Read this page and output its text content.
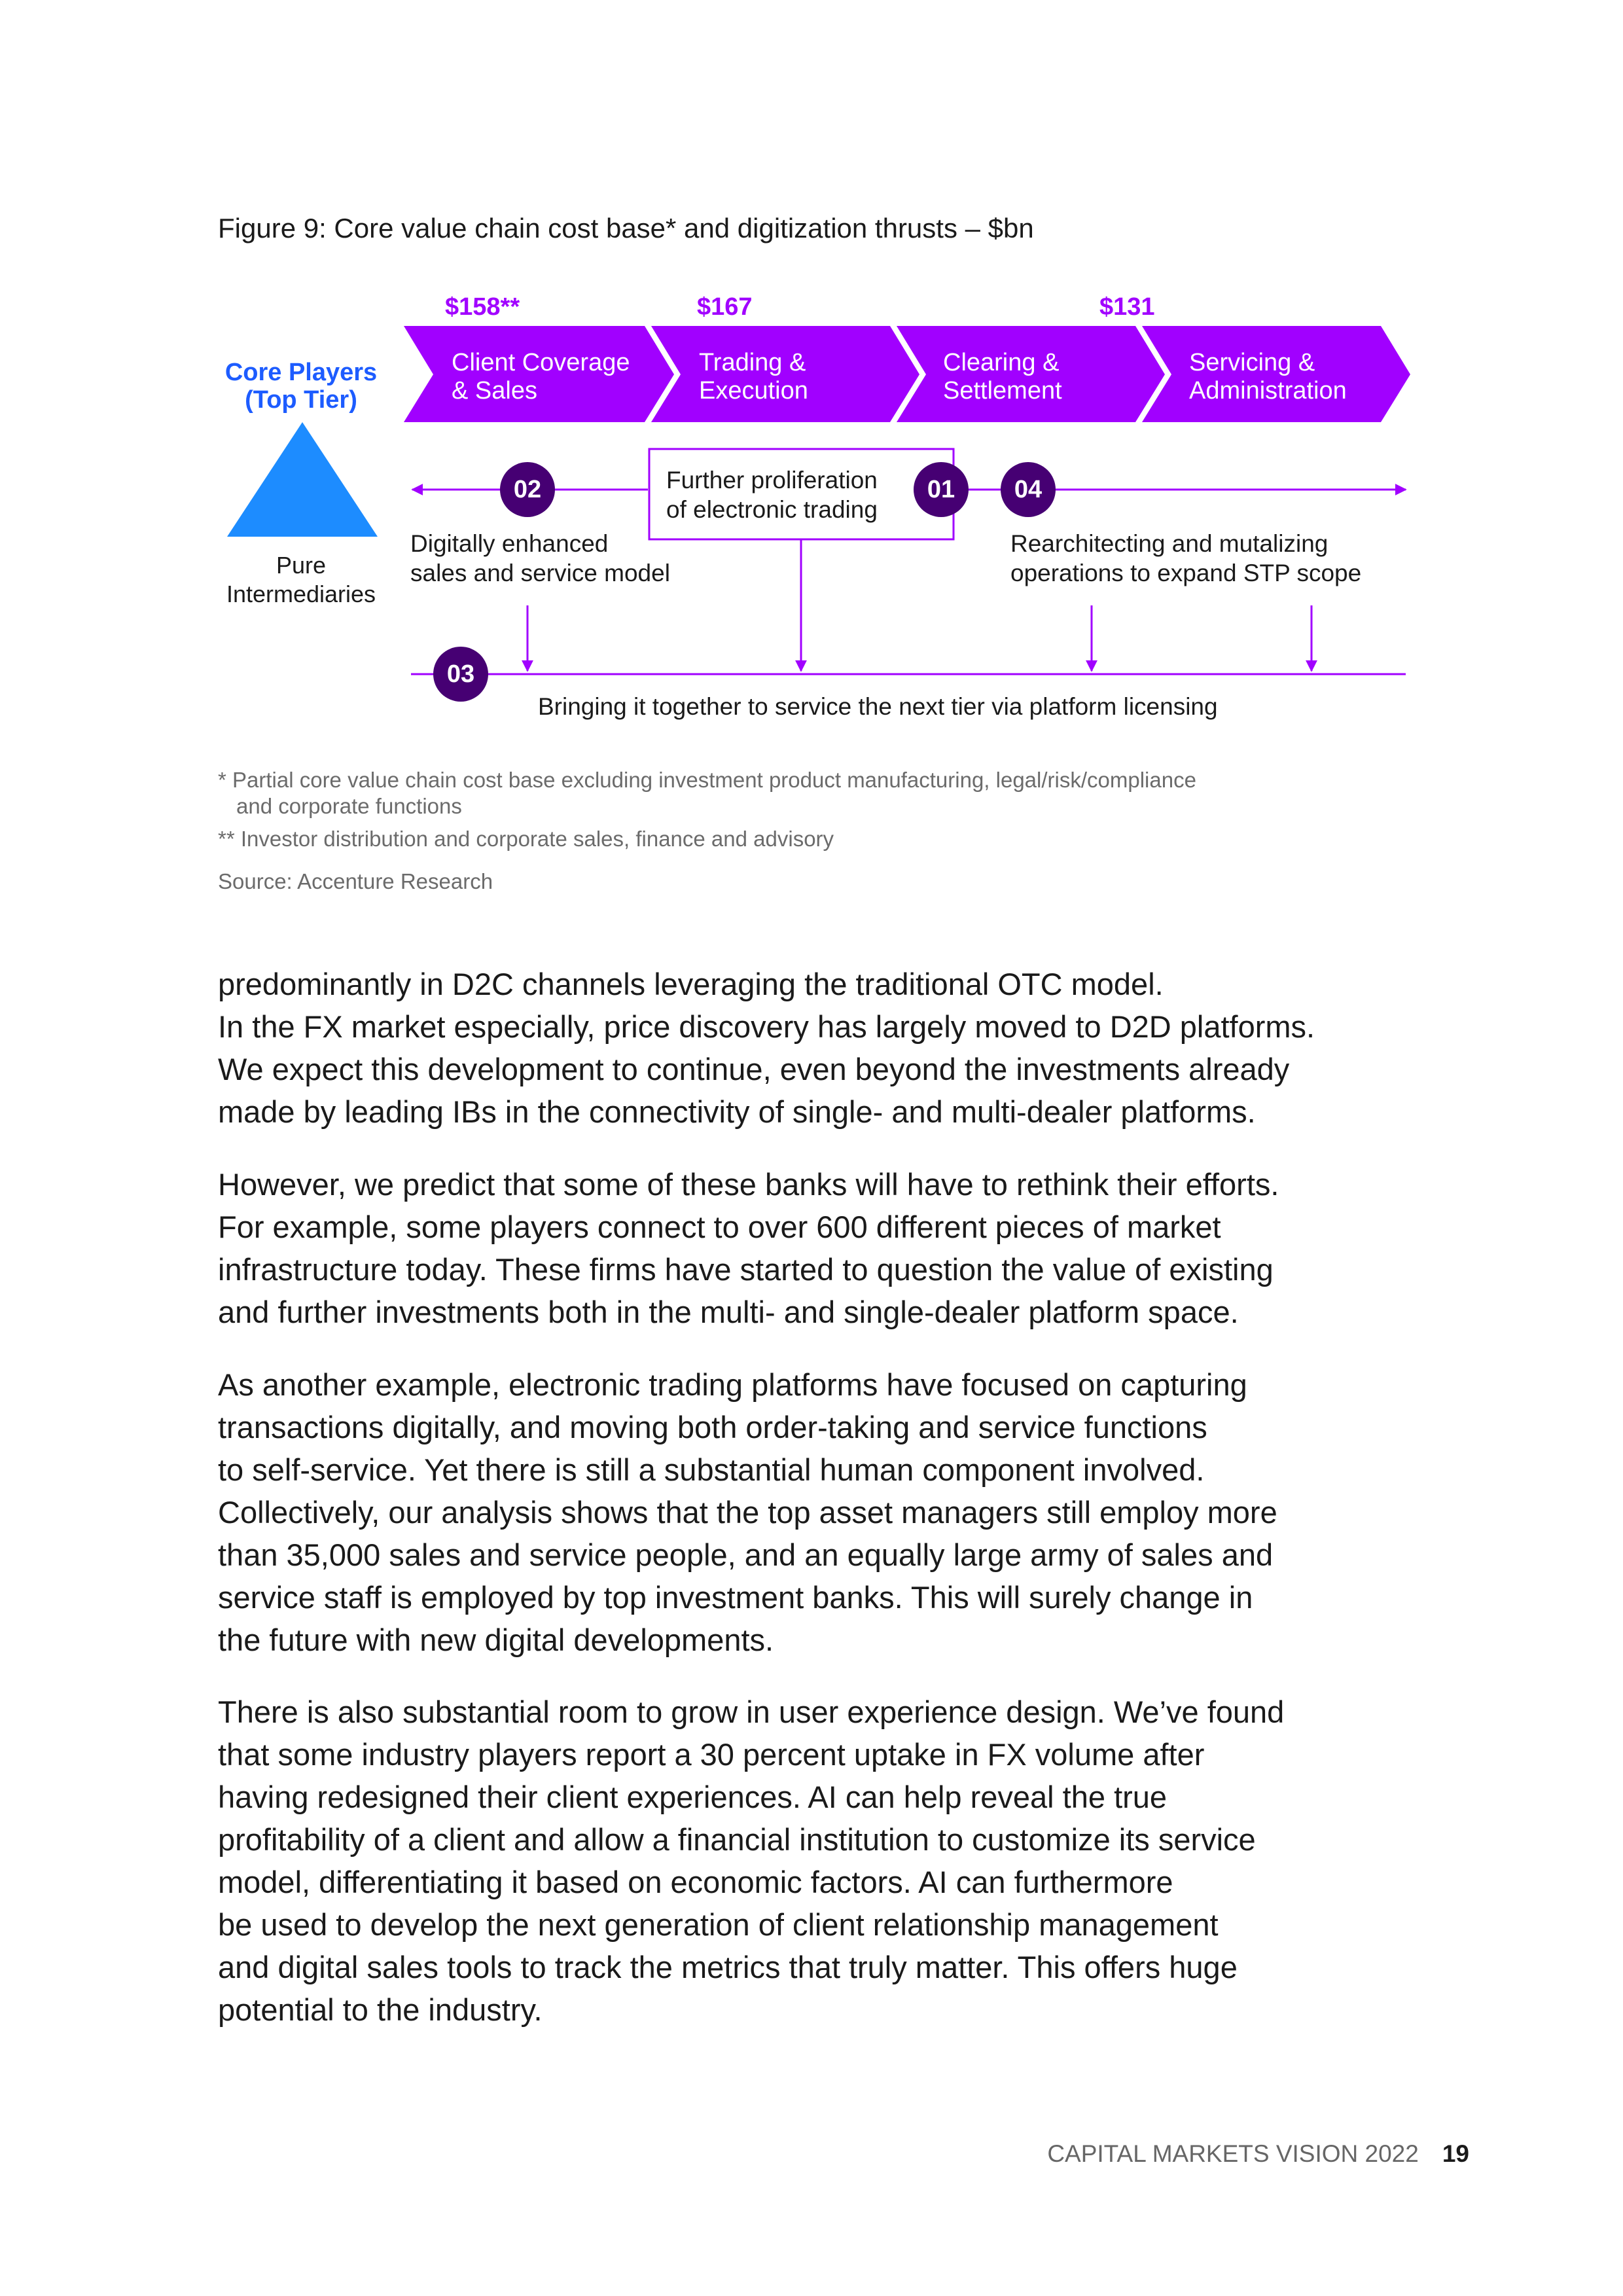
Figure 9: Core value chain cost base* and digitization thrusts – $bn
$158**	$167	$131
Client Coverage
& Sales
Trading &
Execution
Clearing &
Settlement
Servicing &
Administration
Core Players
(Top Tier)
Pure
Intermediaries
02	01	04
03
Further proliferation
of electronic trading
Digitally enhanced
sales and service model
Rearchitecting and mutalizing
operations to expand STP scope
Bringing it together to service the next tier via platform licensing
* Partial core value chain cost base excluding investment product manufacturing, legal/risk/compliance
and corporate functions
** Investor distribution and corporate sales, finance and advisory
Source: Accenture Research
predominantly in D2C channels leveraging the traditional OTC model.
In the FX market especially, price discovery has largely moved to D2D platforms.
We expect this development to continue, even beyond the investments already
made by leading IBs in the connectivity of single- and multi-dealer platforms.
However, we predict that some of these banks will have to rethink their efforts.
For example, some players connect to over 600 different pieces of market
infrastructure today. These firms have started to question the value of existing
and further investments both in the multi- and single-dealer platform space.
As another example, electronic trading platforms have focused on capturing
transactions digitally, and moving both order-taking and service functions
to self-service. Yet there is still a substantial human component involved.
Collectively, our analysis shows that the top asset managers still employ more
than 35,000 sales and service people, and an equally large army of sales and
service staff is employed by top investment banks. This will surely change in
the future with new digital developments.
There is also substantial room to grow in user experience design. We’ve found
that some industry players report a 30 percent uptake in FX volume after
having redesigned their client experiences. AI can help reveal the true
profitability of a client and allow a financial institution to customize its service
model, differentiating it based on economic factors. AI can furthermore
be used to develop the next generation of client relationship management
and digital sales tools to track the metrics that truly matter. This offers huge
potential to the industry.
CAPITAL MARKETS VISION 2022 19
